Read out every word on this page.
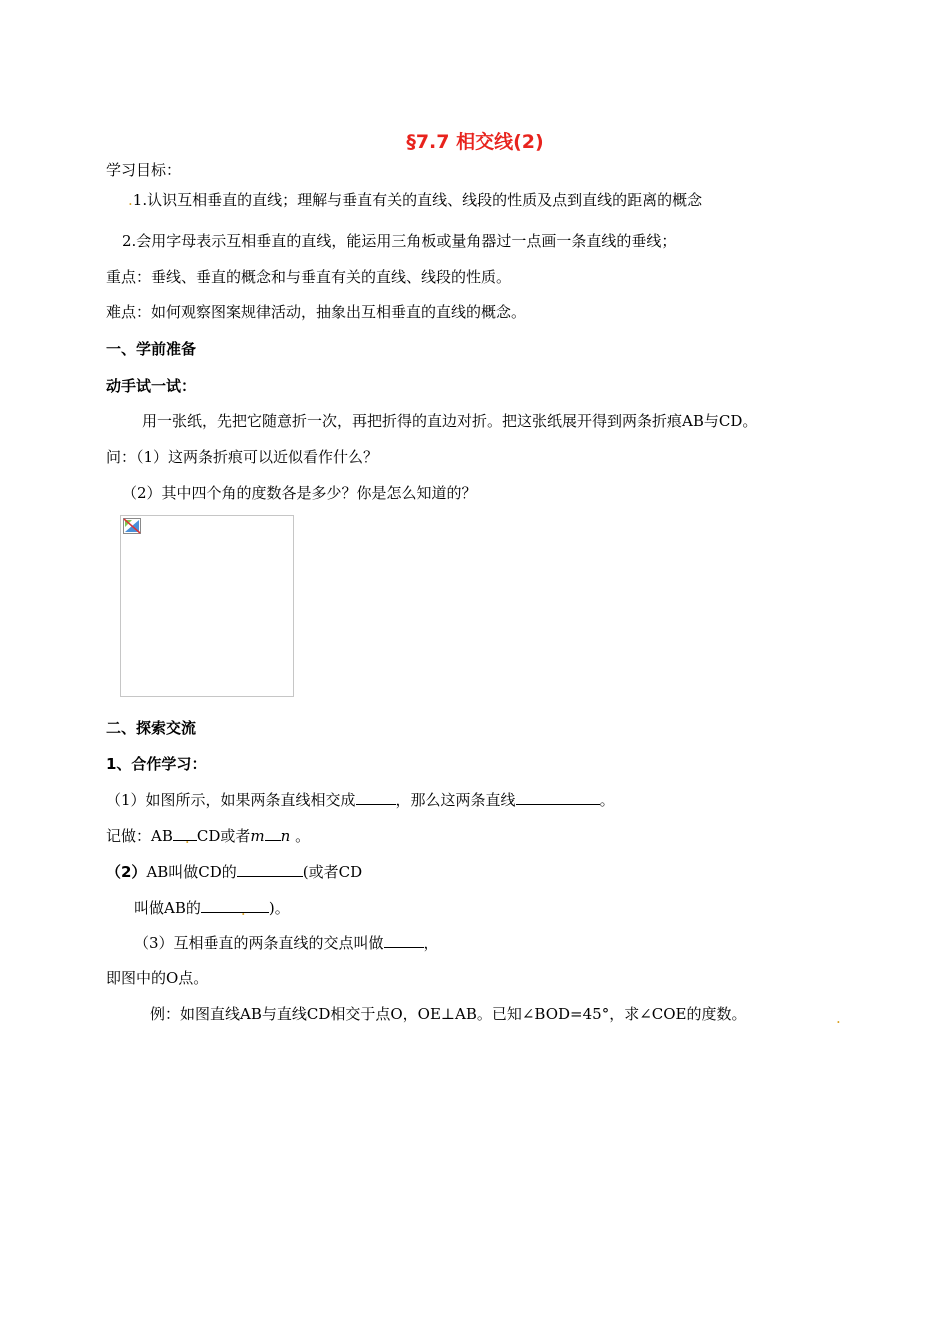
§7.7 相交线(2)
学习目标：
.1.认识互相垂直的直线；理解与垂直有关的直线、线段的性质及点到直线的距离的概念
2.会用字母表示互相垂直的直线，能运用三角板或量角器过一点画一条直线的垂线；
重点：垂线、垂直的概念和与垂直有关的直线、线段的性质。
难点：如何观察图案规律活动，抽象出互相垂直的直线的概念。
一、学前准备
动手试一试：
用一张纸，先把它随意折一次，再把折得的直边对折。把这张纸展开得到两条折痕AB与CD。
问：（1）这两条折痕可以近似看作什么？
（2）其中四个角的度数各是多少？你是怎么知道的？
二、探索交流
1、合作学习：
（1）如图所示，如果两条直线相交成	，那么这两条直线	。
记做：AB . CD或者m n 。
（2）AB叫做CD的	(或者CD
叫做AB的	. )。
（3）互相垂直的两条直线的交点叫做	，
即图中的O点。
例：如图直线AB与直线CD相交于点O，OE⊥AB。已知∠BOD=45°，求∠COE的度数。	.
